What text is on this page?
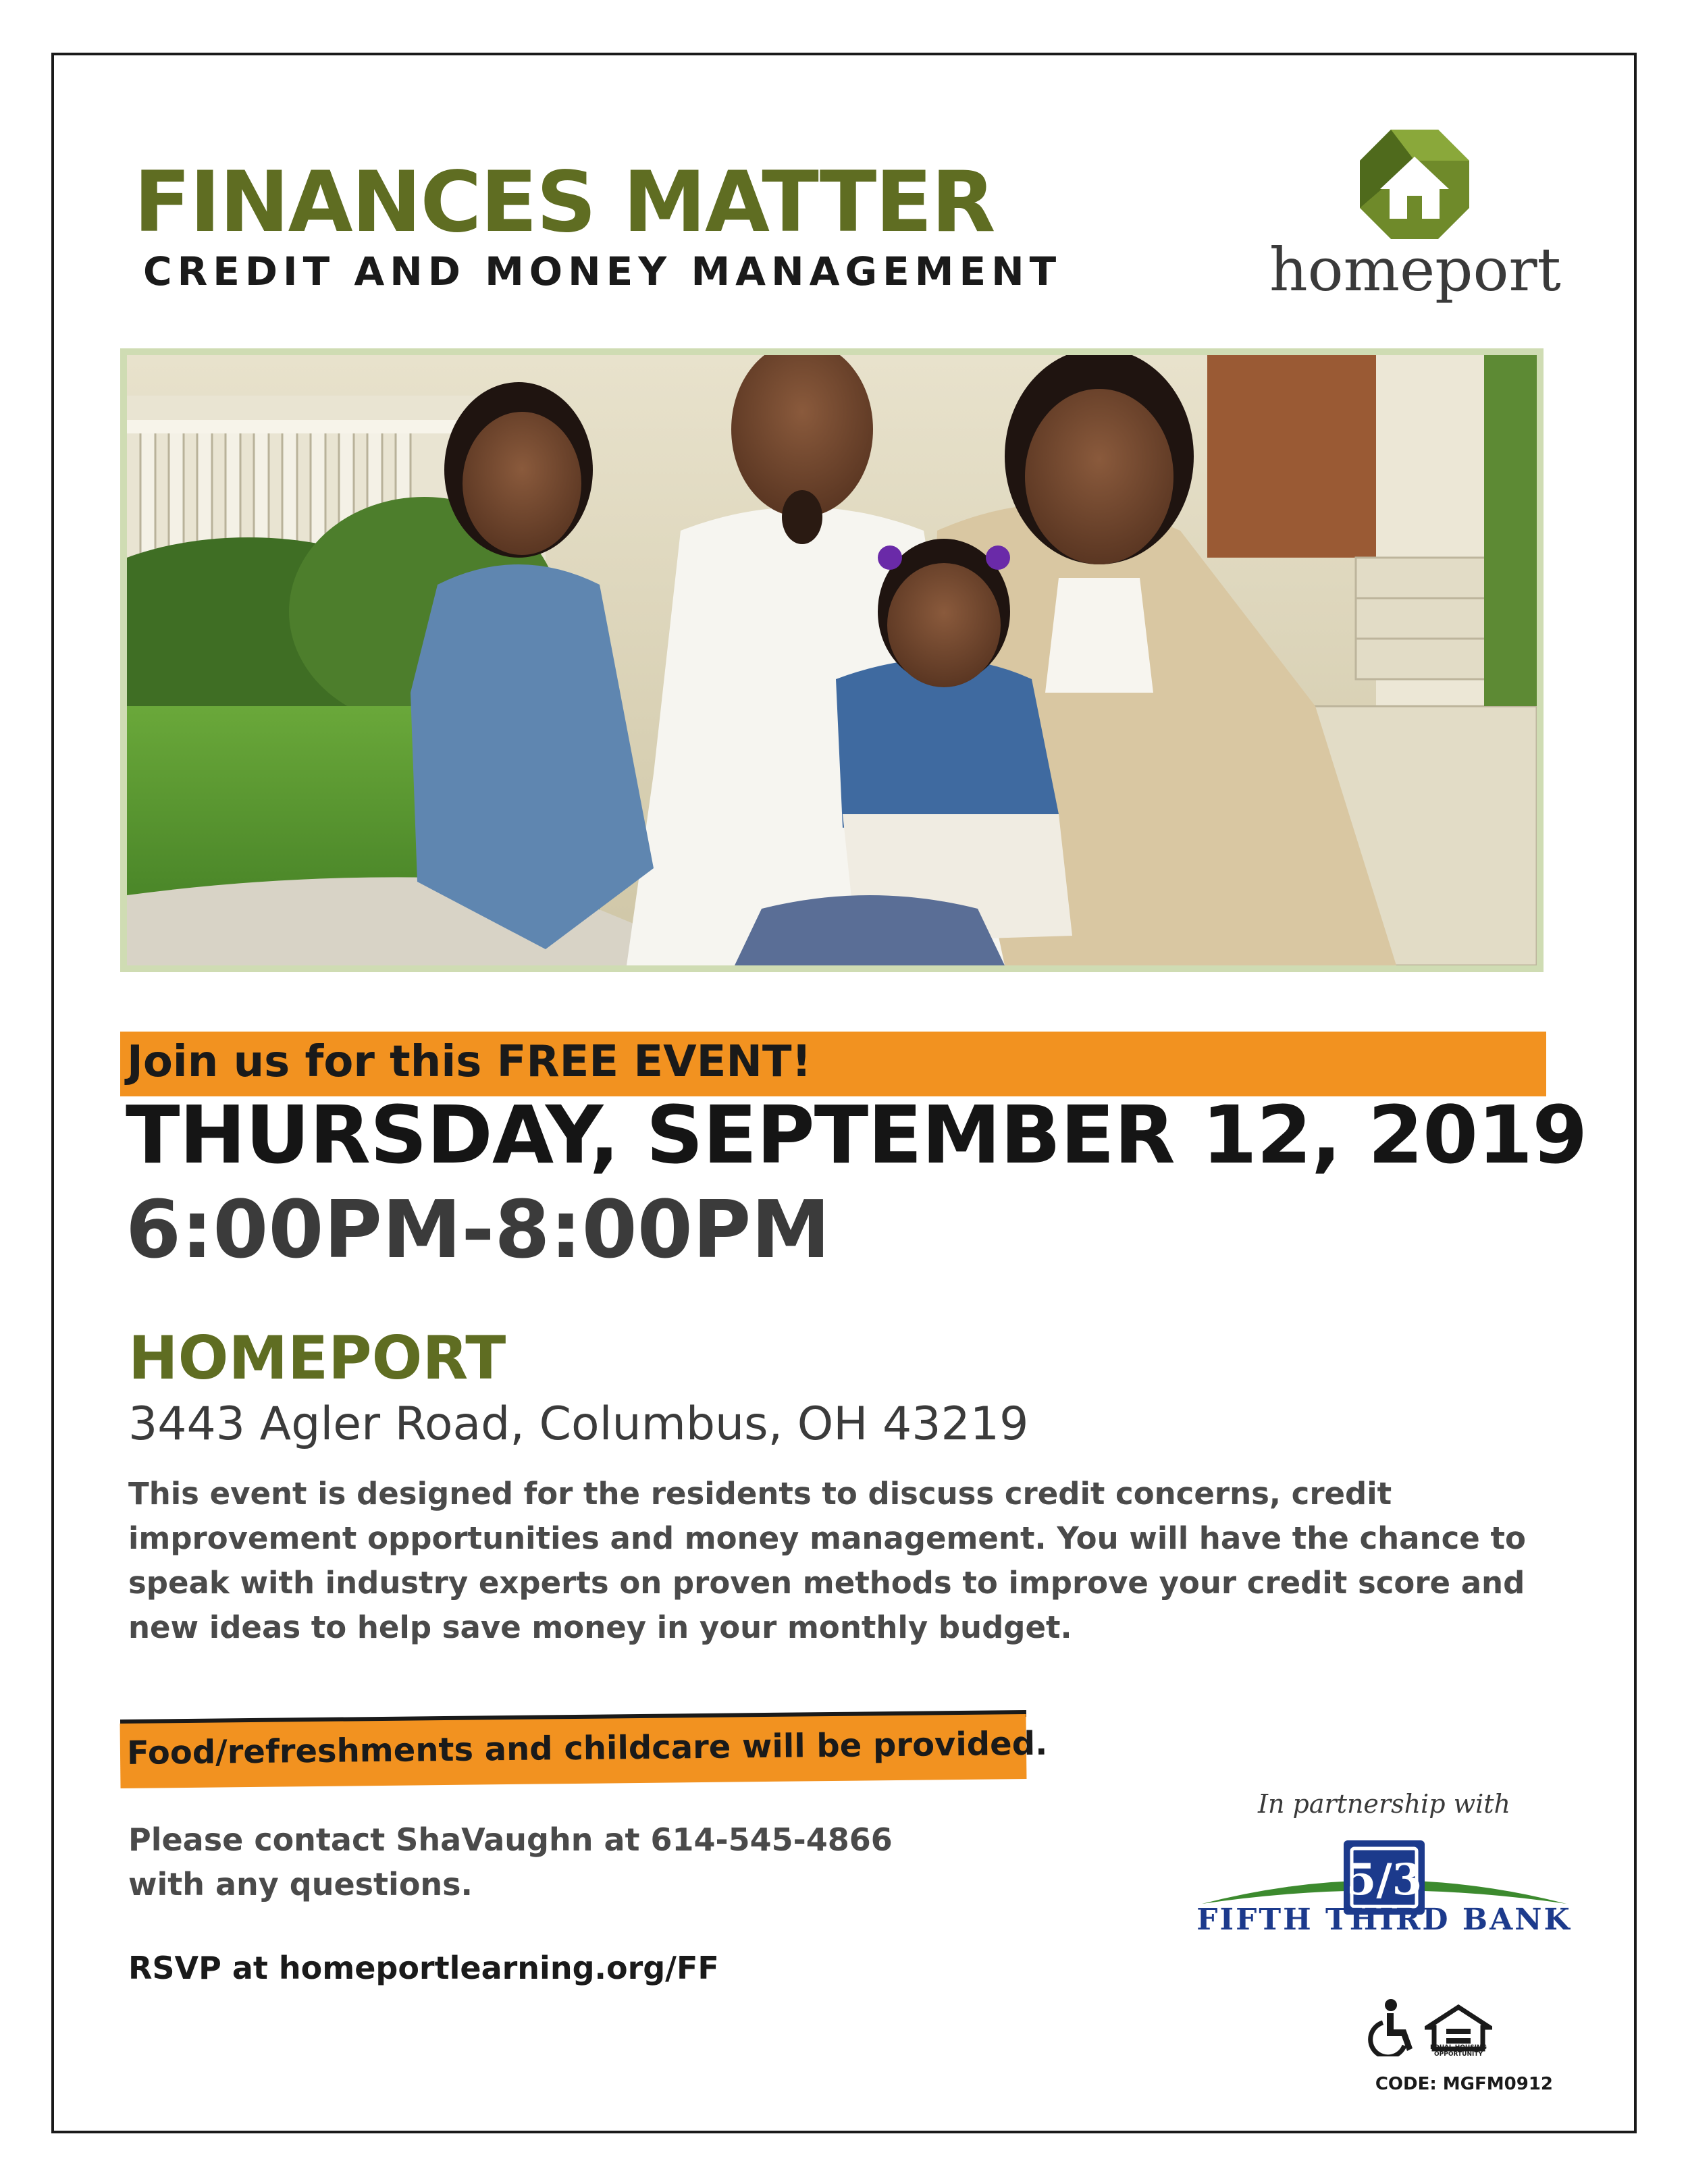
FINANCES MATTER
CREDIT AND MONEY MANAGEMENT	homeport
Join us for this FREE EVENT!
THURSDAY, SEPTEMBER 12, 2019
6:00PM-8:00PM
HOMEPORT
3443 Agler Road, Columbus, OH 43219
This event is designed for the residents to discuss credit concerns, credit improvement opportunities and money management. You will have the chance to speak with industry experts on proven methods to improve your credit score and new ideas to help save money in your monthly budget.
Food/refreshments and childcare will be provided.
Please contact ShaVaughn at 614-545-4866
with any questions.
RSVP at homeportlearning.org/FF
In partnership with
5/3
FIFTH THIRD BANK
EQUAL HOUSING OPPORTUNITY
CODE: MGFM0912
